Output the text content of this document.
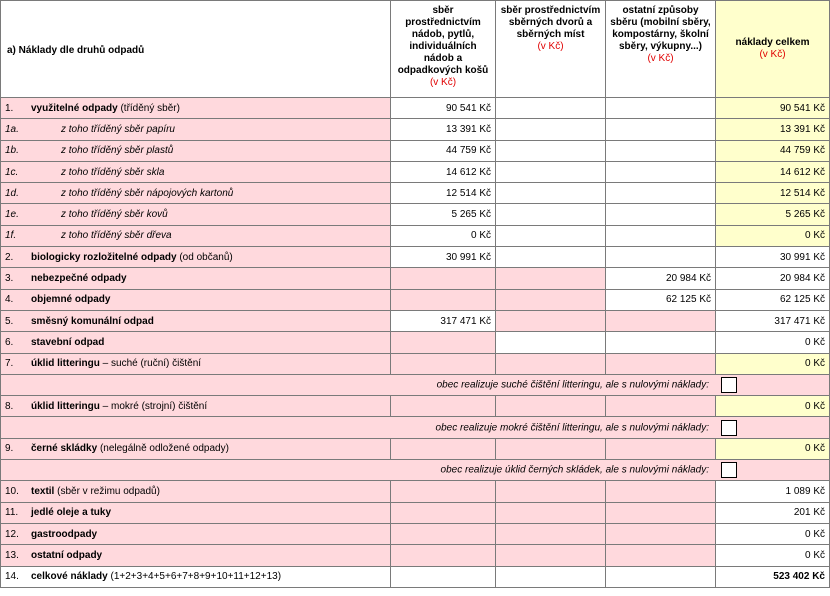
a) Náklady dle druhů odpadů	sběr prostřednictvím nádob, pytlů, individuálních nádob a odpadkových košů
(v Kč)	sběr prostřednictvím sběrných dvorů a sběrných míst
(v Kč)	ostatní způsoby sběru (mobilní sběry, kompostárny, školní sběry, výkupny...)
(v Kč)	náklady celkem
(v Kč)

1. využitelné odpady (tříděný sběr)	90 541 Kč			90 541 Kč
1a. z toho tříděný sběr papíru	13 391 Kč			13 391 Kč
1b. z toho tříděný sběr plastů	44 759 Kč			44 759 Kč
1c. z toho tříděný sběr skla	14 612 Kč			14 612 Kč
1d. z toho tříděný sběr nápojových kartonů	12 514 Kč			12 514 Kč
1e. z toho tříděný sběr kovů	5 265 Kč			5 265 Kč
1f. z toho tříděný sběr dřeva	0 Kč			0 Kč
2. biologicky rozložitelné odpady (od občanů)	30 991 Kč			30 991 Kč
3. nebezpečné odpady			20 984 Kč	20 984 Kč
4. objemné odpady			62 125 Kč	62 125 Kč
5. směsný komunální odpad	317 471 Kč			317 471 Kč
6. stavební odpad				0 Kč
7. úklid litteringu – suché (ruční) čištění				0 Kč
obec realizuje suché čištění litteringu, ale s nulovými náklady:				
8. úklid litteringu – mokré (strojní) čištění				0 Kč
obec realizuje mokré čištění litteringu, ale s nulovými náklady:				
9. černé skládky (nelegálně odložené odpady)				0 Kč
obec realizuje úklid černých skládek, ale s nulovými náklady:				
10. textil (sběr v režimu odpadů)				1 089 Kč
11. jedlé oleje a tuky				201 Kč
12. gastroodpady				0 Kč
13. ostatní odpady				0 Kč
14. celkové náklady (1+2+3+4+5+6+7+8+9+10+11+12+13)				523 402 Kč
